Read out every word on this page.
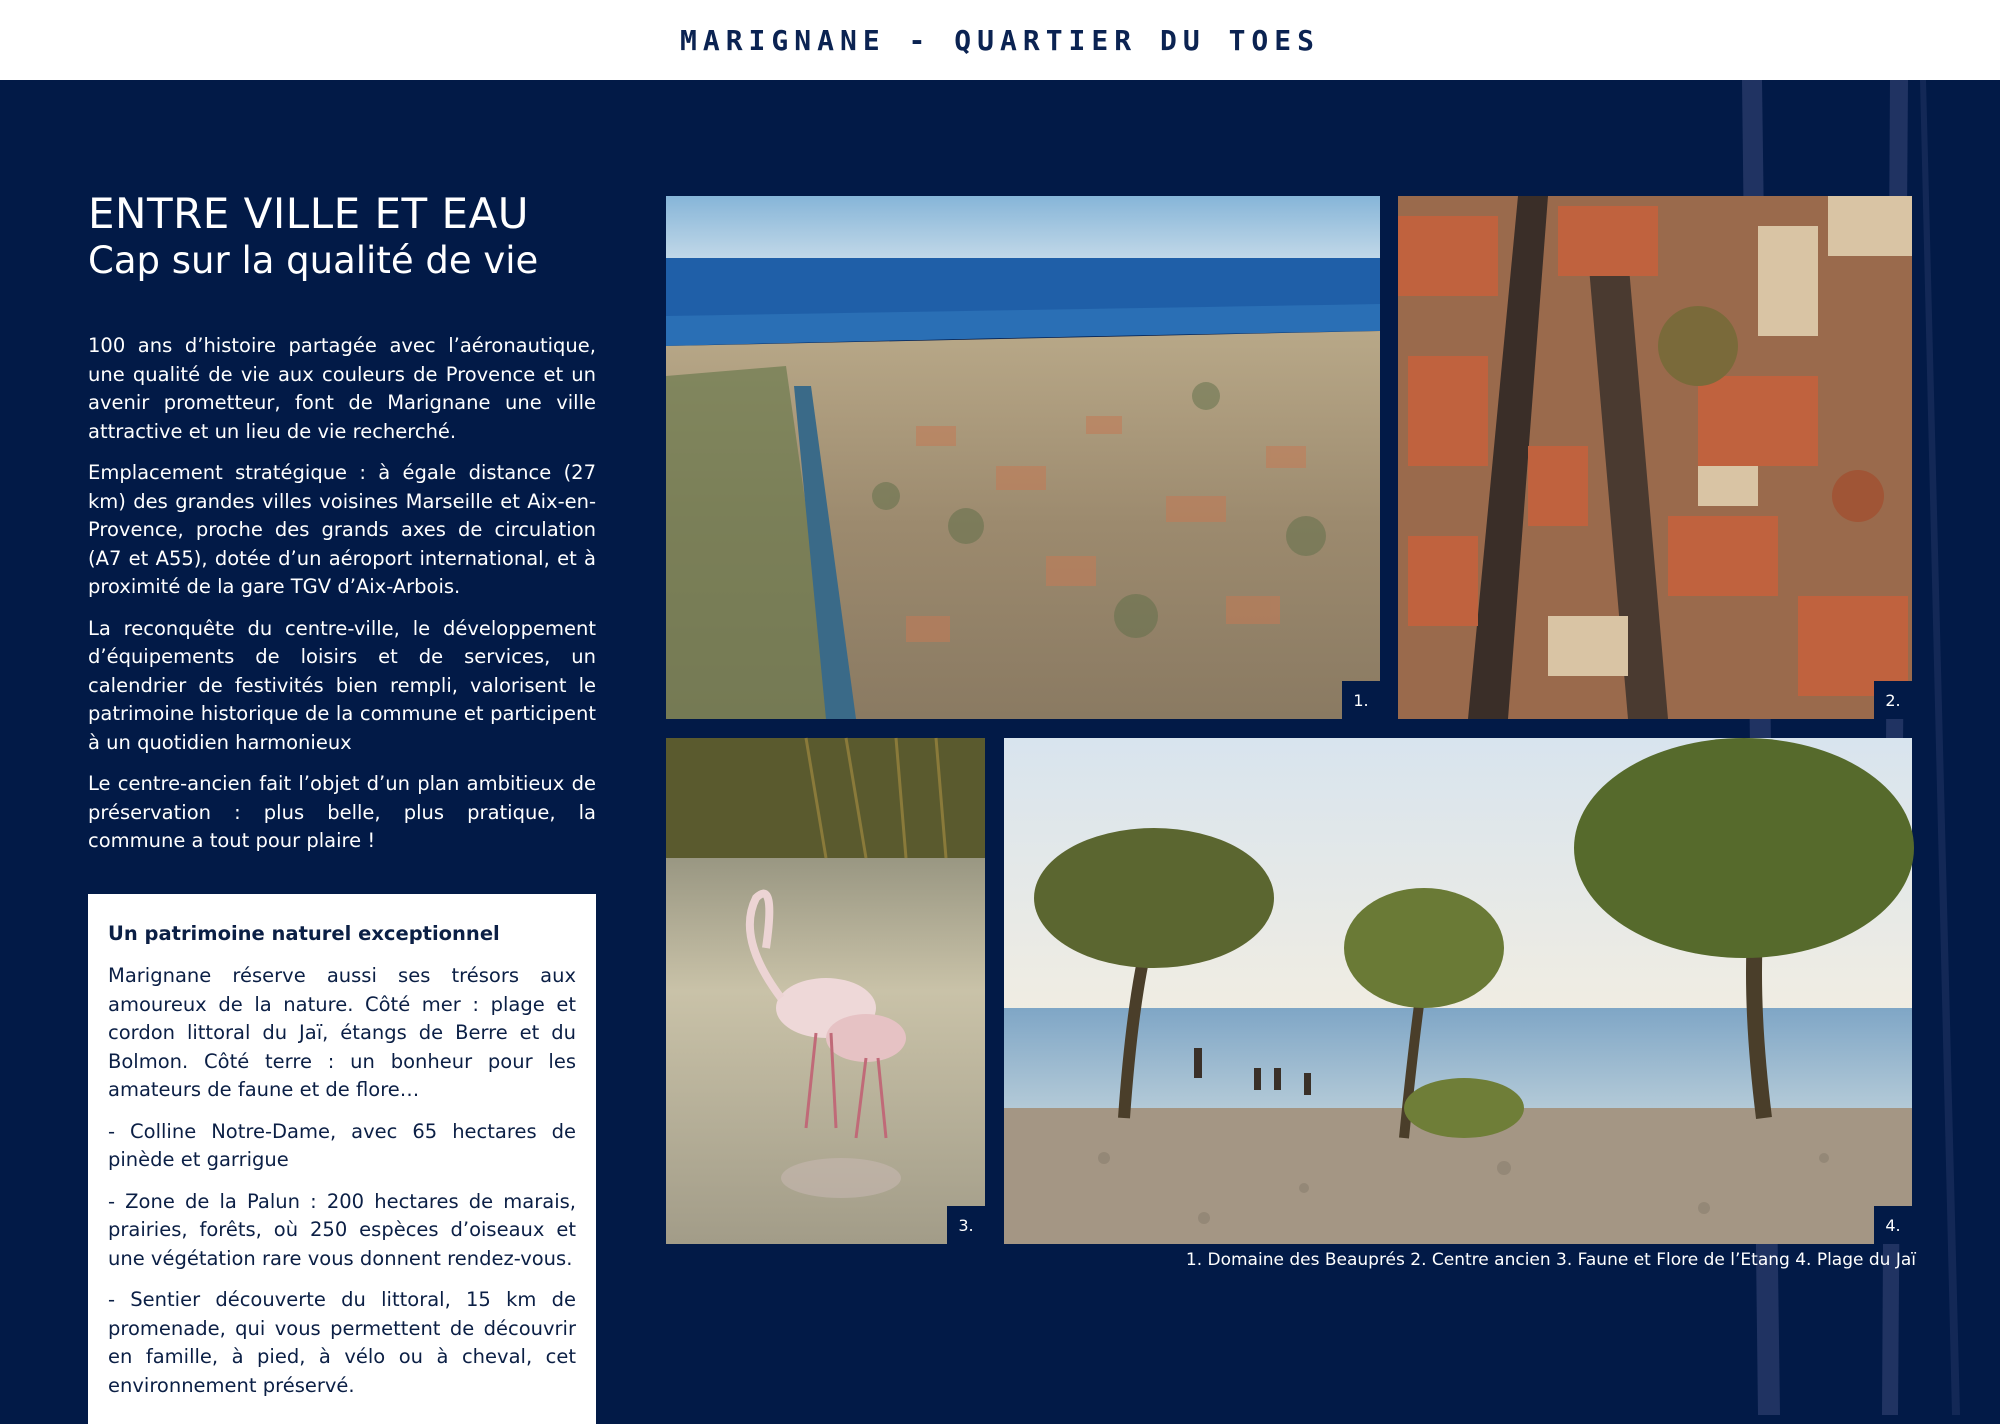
MARIGNANE - QUARTIER DU TOES
ENTRE VILLE ET EAU
Cap sur la qualité de vie

100 ans d’histoire partagée avec l’aéronautique, une qualité de vie aux couleurs de Provence et un avenir prometteur, font de Marignane une ville attractive et un lieu de vie recherché.

Emplacement stratégique : à égale distance (27 km) des grandes villes voisines Marseille et Aix-en-Provence, proche des grands axes de circulation (A7 et A55), dotée d’un aéroport international, et à proximité de la gare TGV d’Aix-Arbois.

La reconquête du centre-ville, le développement d’équipements de loisirs et de services, un calendrier de festivités bien rempli, valorisent le patrimoine historique de la commune et participent à un quotidien harmonieux

Le centre-ancien fait l’objet d’un plan ambitieux de préservation : plus belle, plus pratique, la commune a tout pour plaire !

Un patrimoine naturel exceptionnel

Marignane réserve aussi ses trésors aux amoureux de la nature. Côté mer : plage et cordon littoral du Jaï, étangs de Berre et du Bolmon. Côté terre : un bonheur pour les amateurs de faune et de flore…

- Colline Notre-Dame, avec 65 hectares de pinède et garrigue

- Zone de la Palun : 200 hectares de marais, prairies, forêts, où 250 espèces d’oiseaux et une végétation rare vous donnent rendez-vous.

- Sentier découverte du littoral, 15 km de promenade, qui vous permettent de découvrir en famille, à pied, à vélo ou à cheval, cet environnement préservé.

1.	2.
3.	4.
1. Domaine des Beauprés 2. Centre ancien 3. Faune et Flore de l’Etang 4. Plage du Jaï
